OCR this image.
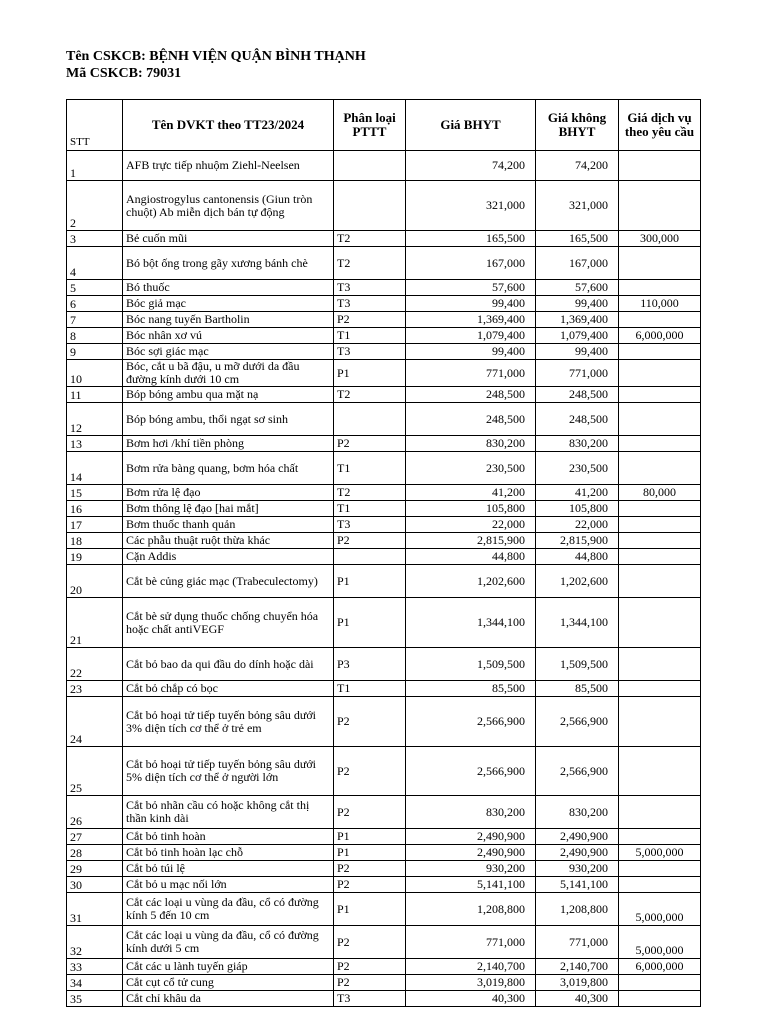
Tên CSKCB: BỆNH VIỆN QUẬN BÌNH THẠNH
Mã CSKCB: 79031
STT	Tên DVKT theo TT23/2024	Phân loại PTTT	Giá BHYT	Giá không BHYT	Giá dịch vụ theo yêu cầu
1	AFB trực tiếp nhuộm Ziehl-Neelsen		74,200	74,200	
2	Angiostrogylus cantonensis (Giun tròn chuột) Ab miễn dịch bán tự động		321,000	321,000	
3	Bẻ cuốn mũi	T2	165,500	165,500	300,000
4	Bó bột ống trong gãy xương bánh chè	T2	167,000	167,000	
5	Bó thuốc	T3	57,600	57,600	
6	Bóc giả mạc	T3	99,400	99,400	110,000
7	Bóc nang tuyến Bartholin	P2	1,369,400	1,369,400	
8	Bóc nhân xơ vú	T1	1,079,400	1,079,400	6,000,000
9	Bóc sợi giác mạc	T3	99,400	99,400	
10	Bóc, cắt u bã đậu, u mỡ dưới da đầu đường kính dưới 10 cm	P1	771,000	771,000	
11	Bóp bóng ambu qua mặt nạ	T2	248,500	248,500	
12	Bóp bóng ambu, thổi ngạt sơ sinh		248,500	248,500	
13	Bơm hơi /khí tiền phòng	P2	830,200	830,200	
14	Bơm rửa bàng quang, bơm hóa chất	T1	230,500	230,500	
15	Bơm rửa lệ đạo	T2	41,200	41,200	80,000
16	Bơm thông lệ đạo [hai mắt]	T1	105,800	105,800	
17	Bơm thuốc thanh quản	T3	22,000	22,000	
18	Các phẫu thuật ruột thừa khác	P2	2,815,900	2,815,900	
19	Cặn Addis		44,800	44,800	
20	Cắt bè củng giác mạc (Trabeculectomy)	P1	1,202,600	1,202,600	
21	Cắt bè sử dụng thuốc chống chuyển hóa hoặc chất antiVEGF	P1	1,344,100	1,344,100	
22	Cắt bỏ bao da qui đầu do dính hoặc dài	P3	1,509,500	1,509,500	
23	Cắt bỏ chắp có bọc	T1	85,500	85,500	
24	Cắt bỏ hoại tử tiếp tuyến bỏng sâu dưới 3% diện tích cơ thể ở trẻ em	P2	2,566,900	2,566,900	
25	Cắt bỏ hoại tử tiếp tuyến bỏng sâu dưới 5% diện tích cơ thể ở người lớn	P2	2,566,900	2,566,900	
26	Cắt bỏ nhãn cầu có hoặc không cắt thị thần kinh dài	P2	830,200	830,200	
27	Cắt bỏ tinh hoàn	P1	2,490,900	2,490,900	
28	Cắt bỏ tinh hoàn lạc chỗ	P1	2,490,900	2,490,900	5,000,000
29	Cắt bỏ túi lệ	P2	930,200	930,200	
30	Cắt bỏ u mạc nối lớn	P2	5,141,100	5,141,100	
31	Cắt các loại u vùng da đầu, cổ có đường kính 5 đến 10 cm	P1	1,208,800	1,208,800	5,000,000
32	Cắt các loại u vùng da đầu, cổ có đường kính dưới 5 cm	P2	771,000	771,000	5,000,000
33	Cắt các u lành tuyến giáp	P2	2,140,700	2,140,700	6,000,000
34	Cắt cụt cổ tử cung	P2	3,019,800	3,019,800	
35	Cắt chỉ khâu da	T3	40,300	40,300	
